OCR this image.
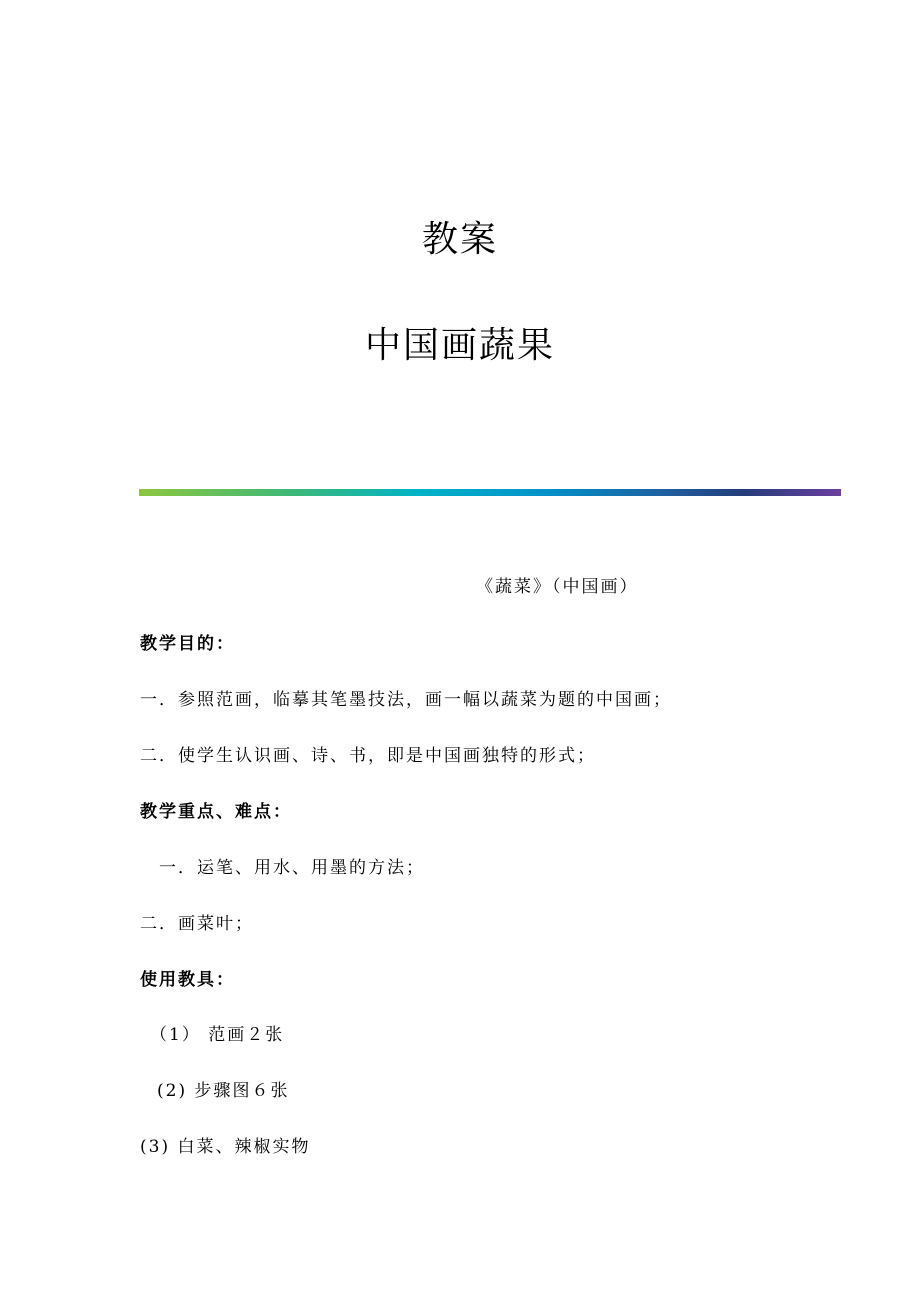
教案
中国画蔬果
《蔬菜》（中国画）
教学目的：
一．参照范画，临摹其笔墨技法，画一幅以蔬菜为题的中国画；
二．使学生认识画、诗、书，即是中国画独特的形式；
教学重点、难点：
一．运笔、用水、用墨的方法；
二．画菜叶；
使用教具：
（1） 范画２张
(2) 步骤图６张
(3) 白菜、辣椒实物
